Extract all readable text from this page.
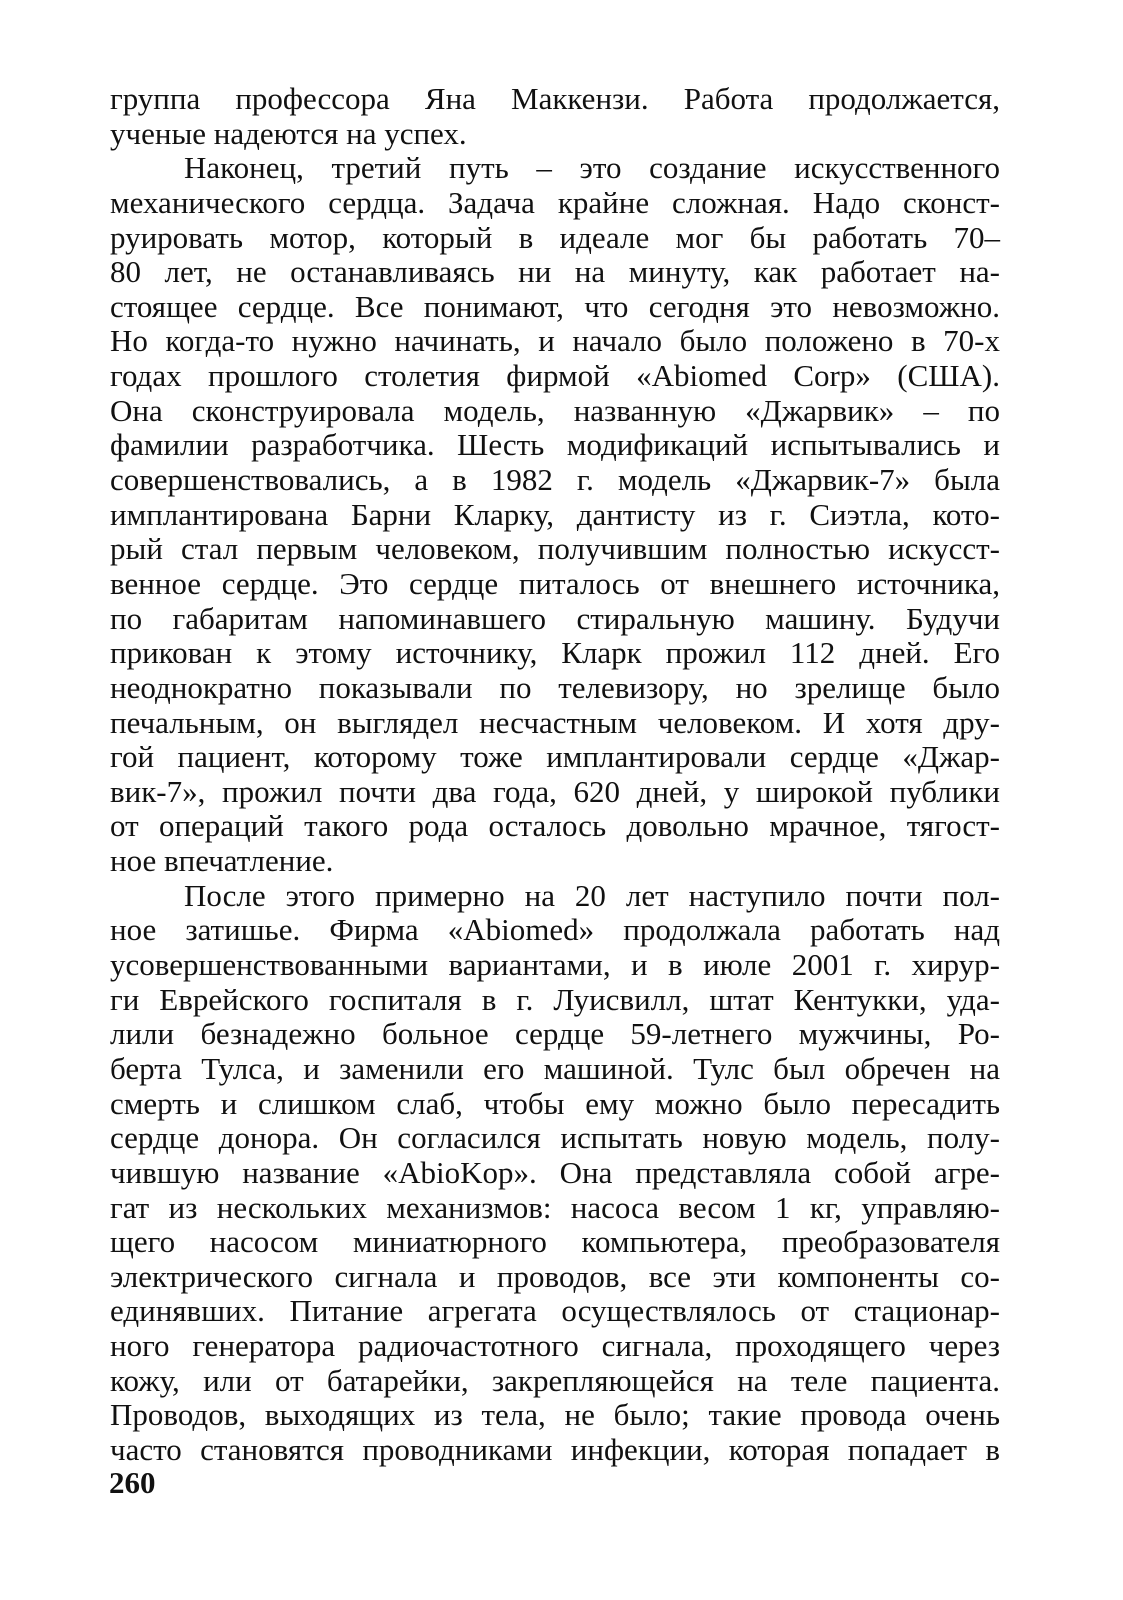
группа профессора Яна Маккензи. Работа продолжается,
ученые надеются на успех.
Наконец, третий путь – это создание искусственного
механического сердца. Задача крайне сложная. Надо сконст-
руировать мотор, который в идеале мог бы работать 70–
80 лет, не останавливаясь ни на минуту, как работает на-
стоящее сердце. Все понимают, что сегодня это невозможно.
Но когда-то нужно начинать, и начало было положено в 70-х
годах прошлого столетия фирмой «Abiomed Corp» (США).
Она сконструировала модель, названную «Джарвик» – по
фамилии разработчика. Шесть модификаций испытывались и
совершенствовались, а в 1982 г. модель «Джарвик-7» была
имплантирована Барни Кларку, дантисту из г. Сиэтла, кото-
рый стал первым человеком, получившим полностью искусст-
венное сердце. Это сердце питалось от внешнего источника,
по габаритам напоминавшего стиральную машину. Будучи
прикован к этому источнику, Кларк прожил 112 дней. Его
неоднократно показывали по телевизору, но зрелище было
печальным, он выглядел несчастным человеком. И хотя дру-
гой пациент, которому тоже имплантировали сердце «Джар-
вик-7», прожил почти два года, 620 дней, у широкой публики
от операций такого рода осталось довольно мрачное, тягост-
ное впечатление.
После этого примерно на 20 лет наступило почти пол-
ное затишье. Фирма «Abiomed» продолжала работать над
усовершенствованными вариантами, и в июле 2001 г. хирур-
ги Еврейского госпиталя в г. Луисвилл, штат Кентукки, уда-
лили безнадежно больное сердце 59-летнего мужчины, Ро-
берта Тулса, и заменили его машиной. Тулс был обречен на
смерть и слишком слаб, чтобы ему можно было пересадить
сердце донора. Он согласился испытать новую модель, полу-
чившую название «AbioKop». Она представляла собой агре-
гат из нескольких механизмов: насоса весом 1 кг, управляю-
щего насосом миниатюрного компьютера, преобразователя
электрического сигнала и проводов, все эти компоненты со-
единявших. Питание агрегата осуществлялось от стационар-
ного генератора радиочастотного сигнала, проходящего через
кожу, или от батарейки, закрепляющейся на теле пациента.
Проводов, выходящих из тела, не было; такие провода очень
часто становятся проводниками инфекции, которая попадает в
260
